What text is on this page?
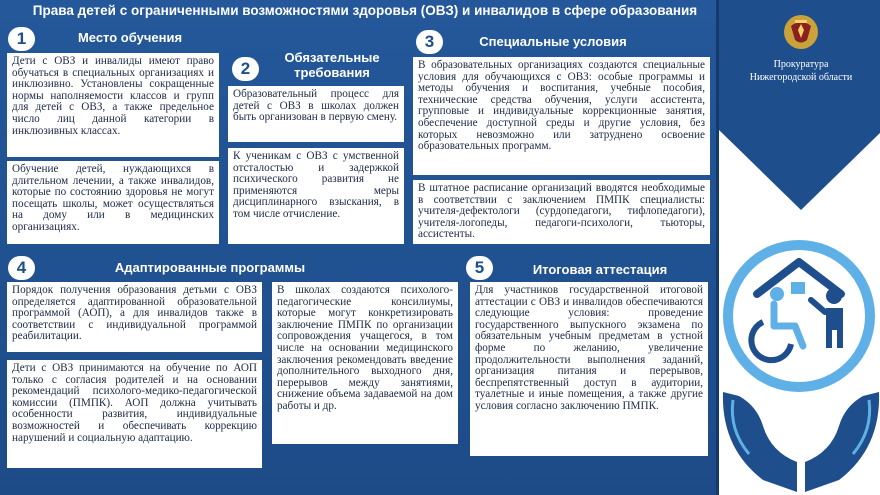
Права детей с ограниченными возможностями здоровья (ОВЗ) и инвалидов в сфере образования
1	Место обучения
Дети с ОВЗ и инвалиды имеют право обучаться в специальных организациях и инклюзивно. Установлены сокращенные нормы наполняемости классов и групп для детей с ОВЗ, а также предельное число лиц данной категории в инклюзивных классах.
Обучение детей, нуждающихся в длительном лечении, а также инвалидов, которые по состоянию здоровья не могут посещать школы, может осуществляться на дому или в медицинских организациях.
2
Обязательные требования
Образовательный процесс для детей с ОВЗ в школах должен быть организован в первую смену.
К ученикам с ОВЗ с умственной отсталостью и задержкой психического развития не применяются меры дисциплинарного взыскания, в том числе отчисление.
3	Специальные условия
В образовательных организациях создаются специальные условия для обучающихся с ОВЗ: особые программы и методы обучения и воспитания, учебные пособия, технические средства обучения, услуги ассистента, групповые и индивидуальные коррекционные занятия, обеспечение доступной среды и другие условия, без которых невозможно или затруднено освоение образовательных программ.
В штатное расписание организаций вводятся необходимые в соответствии с заключением ПМПК специалисты: учителя-дефектологи (сурдопедагоги, тифлопедагоги), учителя-логопеды, педагоги-психологи, тьюторы, ассистенты.
4	Адаптированные программы
Порядок получения образования детьми с ОВЗ определяется адаптированной образовательной программой (АОП), а для инвалидов также в соответствии с индивидуальной программой реабилитации.
Дети с ОВЗ принимаются на обучение по АОП только с согласия родителей и на основании рекомендаций психолого-медико-педагогической комиссии (ПМПК). АОП должна учитывать особенности развития, индивидуальные возможностей и обеспечивать коррекцию нарушений и социальную адаптацию.
В школах создаются психолого-педагогические консилиумы, которые могут конкретизировать заключение ПМПК по организации сопровождения учащегося, в том числе на основании медицинского заключения рекомендовать введение дополнительного выходного дня, перерывов между занятиями, снижение объема задаваемой на дом работы и др.
5	Итоговая аттестация
Для участников государственной итоговой аттестации с ОВЗ и инвалидов обеспечиваются следующие условия: проведение государственного выпускного экзамена по обязательным учебным предметам в устной форме по желанию, увеличение продолжительности выполнения заданий, организация питания и перерывов, беспрепятственный доступ в аудитории, туалетные и иные помещения, а также другие условия согласно заключению ПМПК.
Прокуратура Нижегородской области
